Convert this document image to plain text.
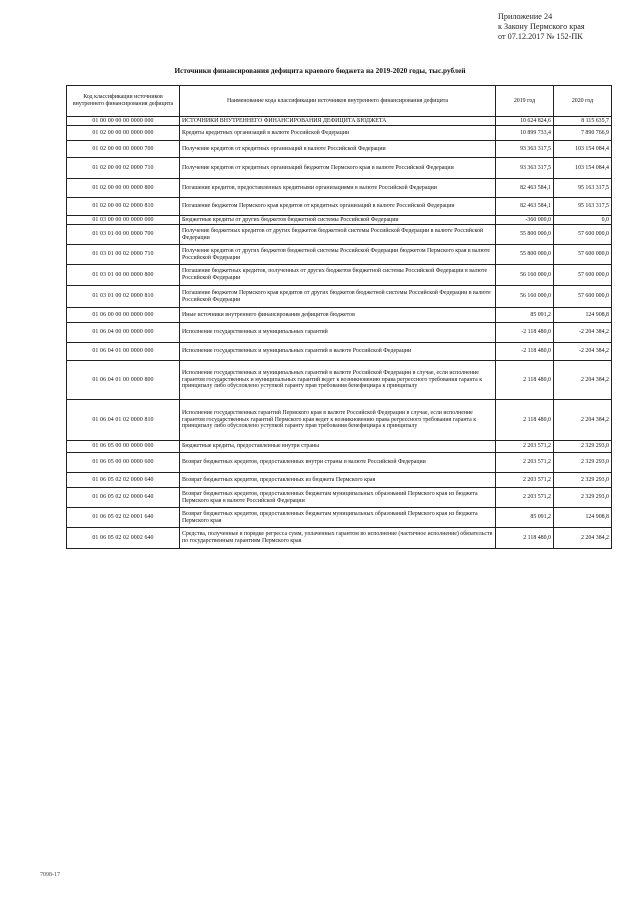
Приложение 24
к Закону Пермского края
от 07.12.2017 № 152-ПК
Источники финансирования дефицита краевого бюджета на 2019-2020 годы, тыс.рублей
Код классификации источников внутреннего финансирования дефицита	Наименование кода классификации источников внутреннего финансирования дефицита	2019 год	2020 год
01 00 00 00 00 0000 000	ИСТОЧНИКИ ВНУТРЕННЕГО ФИНАНСИРОВАНИЯ ДЕФИЦИТА БЮДЖЕТА	10 624 824,6	8 115 635,7
01 02 00 00 00 0000 000	Кредиты кредитных организаций в валюте Российской Федерации	10 899 733,4	7 890 766,9
01 02 00 00 00 0000 700	Получение кредитов от кредитных организаций в валюте Российской Федерации	93 363 317,5	103 154 084,4
01 02 00 00 02 0000 710	Получение кредитов от кредитных организаций бюджетом Пермского края в валюте Российской Федерации	93 363 317,5	103 154 084,4
01 02 00 00 00 0000 800	Погашение кредитов, предоставленных кредитными организациями в валюте Российской Федерации	82 463 584,1	95 163 317,5
01 02 00 00 02 0000 810	Погашение бюджетом Пермского края кредитов от кредитных организаций в валюте Российской Федерации	82 463 584,1	95 163 317,5
01 03 00 00 00 0000 000	Бюджетные кредиты от других бюджетов бюджетной системы Российской Федерации	-360 000,0	0,0
01 03 01 00 00 0000 700	Получение бюджетных кредитов от других бюджетов бюджетной системы Российской Федерации в валюте Российской Федерации	55 800 000,0	57 600 000,0
01 03 01 00 02 0000 710	Получение кредитов от других бюджетов бюджетной системы Российской Федерации бюджетом Пермского края в валюте Российской Федерации	55 800 000,0	57 600 000,0
01 03 01 00 00 0000 800	Погашение бюджетных кредитов, полученных от других бюджетов бюджетной системы Российской Федерации в валюте Российской Федерации	56 160 000,0	57 600 000,0
01 03 01 00 02 0000 810	Погашение бюджетом Пермского края кредитов от других бюджетов бюджетной системы Российской Федерации в валюте Российской Федерации	56 160 000,0	57 600 000,0
01 06 00 00 00 0000 000	Иные источники внутреннего финансирования дефицитов бюджетов	85 091,2	124 908,8
01 06 04 00 00 0000 000	Исполнение государственных и муниципальных гарантий	-2 118 480,0	-2 204 384,2
01 06 04 01 00 0000 000	Исполнение государственных и муниципальных гарантий в валюте Российской Федерации	-2 118 480,0	-2 204 384,2
01 06 04 01 00 0000 800	Исполнение государственных и муниципальных гарантий в валюте Российской Федерации в случае, если исполнение гарантом государственных и муниципальных гарантий ведет к возникновению права регрессного требования гаранта к принципалу либо обусловлено уступкой гаранту прав требования бенефициара к принципалу	2 118 480,0	2 204 384,2
01 06 04 01 02 0000 810	Исполнение государственных гарантий Пермского края в валюте Российской Федерации в случае, если исполнение гарантом государственных гарантий Пермского края ведет к возникновению права регрессного требования гаранта к принципалу либо обусловлено уступкой гаранту прав требования бенефициара к принципалу	2 118 480,0	2 204 384,2
01 06 05 00 00 0000 000	Бюджетные кредиты, предоставленные внутри страны	2 203 571,2	2 329 293,0
01 06 05 00 00 0000 600	Возврат бюджетных кредитов, предоставленных внутри страны в валюте Российской Федерации	2 203 571,2	2 329 293,0
01 06 05 02 02 0000 640	Возврат бюджетных кредитов, предоставленных из бюджета Пермского края	2 203 571,2	2 329 293,0
01 06 05 02 02 0000 640	Возврат бюджетных кредитов, предоставленных бюджетам муниципальных образований Пермского края из бюджета Пермского края в валюте Российской Федерации	2 203 571,2	2 329 293,0
01 06 05 02 02 0001 640	Возврат бюджетных кредитов, предоставленных бюджетам муниципальных образований Пермского края из бюджета Пермского края	85 091,2	124 908,8
01 06 05 02 02 0002 640	Средства, полученные в порядке регресса сумм, уплаченных гарантом во исполнение (частичное исполнение) обязательств по государственным гарантиям Пермского края	2 118 480,0	2 204 384,2
7098-17
